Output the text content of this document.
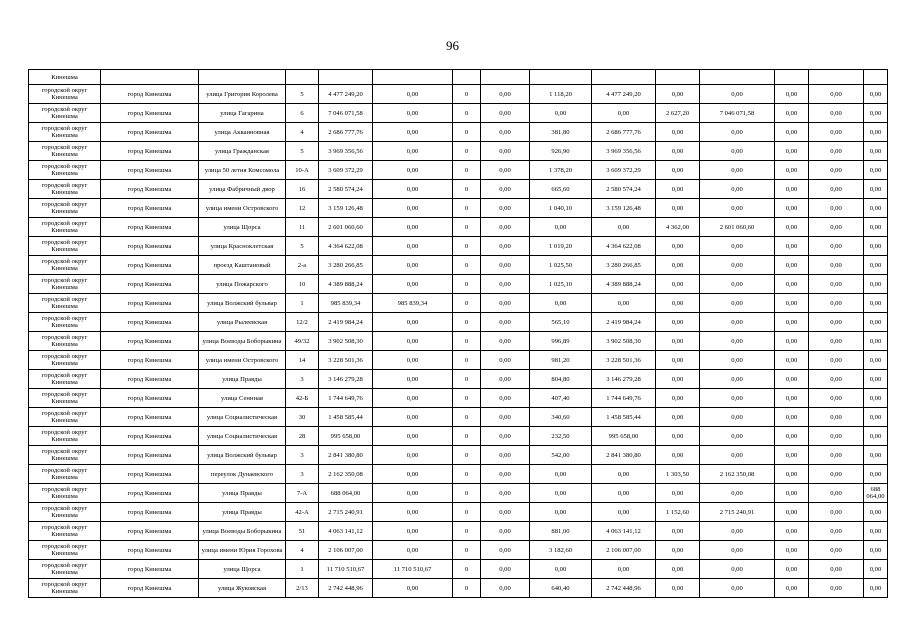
96
Кинешма														
городской округ Кинешма	город Кинешма	улица Григория Королева	5	4 477 249,20	0,00	0	0,00	1 118,20	4 477 249,20	0,00	0,00	0,00	0,00	0,00
городской округ Кинешма	город Кинешма	улица Гагарина	6	7 046 071,58	0,00	0	0,00	0,00	0,00	2 627,20	7 046 071,58	0,00	0,00	0,00
городской округ Кинешма	город Кинешма	улица Аккаиновная	4	2 686 777,76	0,00	0	0,00	381,80	2 686 777,76	0,00	0,00	0,00	0,00	0,00
городской округ Кинешма	город Кинешма	улица Гражданская	5	3 969 356,56	0,00	0	0,00	926,90	3 969 356,56	0,00	0,00	0,00	0,00	0,00
городской округ Кинешма	город Кинешма	улица 50 летия Комсомола	10-А	3 609 372,29	0,00	0	0,00	1 378,20	3 609 372,29	0,00	0,00	0,00	0,00	0,00
городской округ Кинешма	город Кинешма	улица Фабричный двор	16	2 580 574,24	0,00	0	0,00	665,60	2 580 574,24	0,00	0,00	0,00	0,00	0,00
городской округ Кинешма	город Кинешма	улица имени Островского	12	3 159 126,48	0,00	0	0,00	1 040,10	3 159 126,48	0,00	0,00	0,00	0,00	0,00
городской округ Кинешма	город Кинешма	улица Щорса	11	2 601 060,60	0,00	0	0,00	0,00	0,00	4 362,00	2 601 060,60	0,00	0,00	0,00
городской округ Кинешма	город Кинешма	улица Красноклетская	5	4 364 622,08	0,00	0	0,00	1 019,20	4 364 622,08	0,00	0,00	0,00	0,00	0,00
городской округ Кинешма	город Кинешма	проезд Каштановый	2-а	3 280 266,85	0,00	0	0,00	1 025,50	3 280 266,85	0,00	0,00	0,00	0,00	0,00
городской округ Кинешма	город Кинешма	улица Пожарского	10	4 389 888,24	0,00	0	0,00	1 025,10	4 389 888,24	0,00	0,00	0,00	0,00	0,00
городской округ Кинешма	город Кинешма	улица Волжский бульвар	1	985 839,34	985 839,34	0	0,00	0,00	0,00	0,00	0,00	0,00	0,00	0,00
городской округ Кинешма	город Кинешма	улица Рылеевская	12/2	2 419 984,24	0,00	0	0,00	565,10	2 419 984,24	0,00	0,00	0,00	0,00	0,00
городской округ Кинешма	город Кинешма	улица Воеводы Боборыкина	49/32	3 902 508,30	0,00	0	0,00	996,89	3 902 508,30	0,00	0,00	0,00	0,00	0,00
городской округ Кинешма	город Кинешма	улица имени Островского	14	3 228 501,36	0,00	0	0,00	981,20	3 228 501,36	0,00	0,00	0,00	0,00	0,00
городской округ Кинешма	город Кинешма	улица Правды	3	3 146 279,28	0,00	0	0,00	804,80	3 146 279,28	0,00	0,00	0,00	0,00	0,00
городской округ Кинешма	город Кинешма	улица Сеннная	42-Б	1 744 649,76	0,00	0	0,00	407,40	1 744 649,76	0,00	0,00	0,00	0,00	0,00
городской округ Кинешма	город Кинешма	улица Социалистическая	30	1 458 585,44	0,00	0	0,00	340,60	1 458 585,44	0,00	0,00	0,00	0,00	0,00
городской округ Кинешма	город Кинешма	улица Социалистическая	28	995 658,00	0,00	0	0,00	232,50	995 658,00	0,00	0,00	0,00	0,00	0,00
городской округ Кинешма	город Кинешма	улица Волжский бульвар	3	2 841 380,80	0,00	0	0,00	542,00	2 841 380,80	0,00	0,00	0,00	0,00	0,00
городской округ Кинешма	город Кинешма	переулок Дунаевского	3	2 162 350,08	0,00	0	0,00	0,00	0,00	1 303,50	2 162 350,08	0,00	0,00	0,00
городской округ Кинешма	город Кинешма	улица Правды	7-А	688 064,00	0,00	0	0,00	0,00	0,00	0,00	0,00	0,00	0,00	688 064,00
городской округ Кинешма	город Кинешма	улица Правды	42-А	2 715 240,91	0,00	0	0,00	0,00	0,00	1 152,60	2 715 240,91	0,00	0,00	0,00
городской округ Кинешма	город Кинешма	улица Воеводы Боборыкина	51	4 063 141,12	0,00	0	0,00	881,00	4 063 141,12	0,00	0,00	0,00	0,00	0,00
городской округ Кинешма	город Кинешма	улица имени Юрия Горохова	4	2 106 007,00	0,00	0	0,00	3 182,60	2 106 007,00	0,00	0,00	0,00	0,00	0,00
городской округ Кинешма	город Кинешма	улица Щорса	1	11 710 510,67	11 710 510,67	0	0,00	0,00	0,00	0,00	0,00	0,00	0,00	0,00
городской округ Кинешма	город Кинешма	улица Жуковская	2/13	2 742 448,96	0,00	0	0,00	640,40	2 742 448,96	0,00	0,00	0,00	0,00	0,00
